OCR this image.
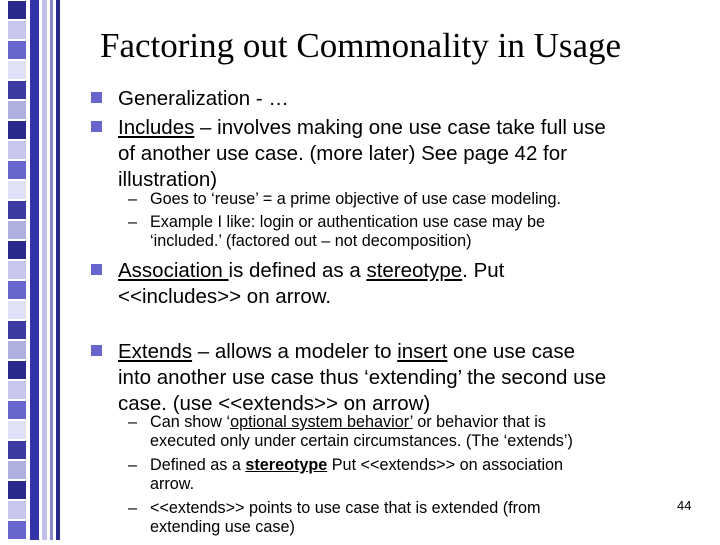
Factoring out Commonality in Usage
Generalization - …
Includes – involves making one use case take full use
of another use case. (more later) See page 42 for
illustration)
– Goes to ‘reuse’ = a prime objective of use case modeling.
– Example I like: login or authentication use case may be
‘included.’ (factored out – not decomposition)
Association is defined as a stereotype. Put
<<includes>> on arrow.
Extends – allows a modeler to insert one use case
into another use case thus ‘extending’ the second use
case. (use <<extends>> on arrow)
– Can show ‘optional system behavior’ or behavior that is
executed only under certain circumstances. (The ‘extends’)
– Defined as a stereotype Put <<extends>> on association
arrow.
– <<extends>> points to use case that is extended (from
extending use case)
44
